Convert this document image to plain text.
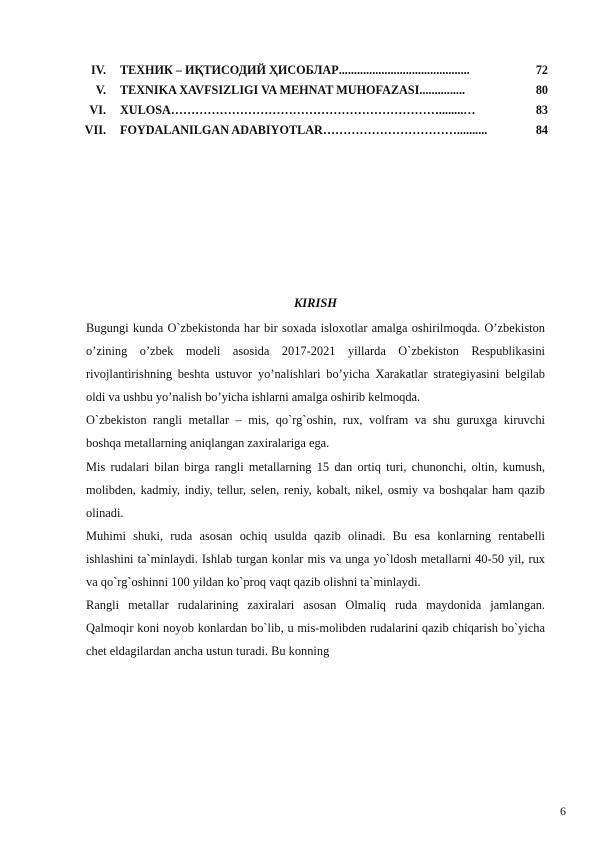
IV.	ТЕХНИК – ИҚТИСОДИЙ ҲИСОБЛАР ...........................................	72
V.	TEXNIKA XAVFSIZLIGI VA MEHNAT MUHOFAZASI ...............	80
VI.	XULOSA …………………………………………………………........…	83
VII.	FOYDALANILGAN ADABIYOTLAR ……………………………..........	84
KIRISH

Bugungi kunda O`zbekistonda har bir soxada isloxotlar amalga oshirilmoqda. O’zbekiston o’zining o’zbek modeli asosida 2017-2021 yillarda O`zbekiston Respublikasini rivojlantirishning beshta ustuvor yo’nalishlari bo’yicha Xarakatlar strategiyasini belgilab oldi va ushbu yo’nalish bo’yicha ishlarni amalga oshirib kelmoqda.

O`zbekiston rangli metallar – mis, qo`rg`oshin, rux, volfram va shu guruxga kiruvchi boshqa metallarning aniqlangan zaxiralariga ega.

Mis rudalari bilan birga rangli metallarning 15 dan ortiq turi, chunonchi, oltin, kumush, molibden, kadmiy, indiy, tellur, selen, reniy, kobalt, nikel, osmiy va boshqalar ham qazib olinadi.

Muhimi shuki, ruda asosan ochiq usulda qazib olinadi. Bu esa konlarning rentabelli ishlashini ta`minlaydi. Ishlab turgan konlar mis va unga yo`ldosh metallarni 40-50 yil, rux va qo`rg`oshinni 100 yildan ko`proq vaqt qazib olishni ta`minlaydi.

Rangli metallar rudalarining zaxiralari asosan Olmaliq ruda maydonida jamlangan. Qalmoqir koni noyob konlardan bo`lib, u mis-molibden rudalarini qazib chiqarish bo`yicha chet eldagilardan ancha ustun turadi. Bu konning

6
